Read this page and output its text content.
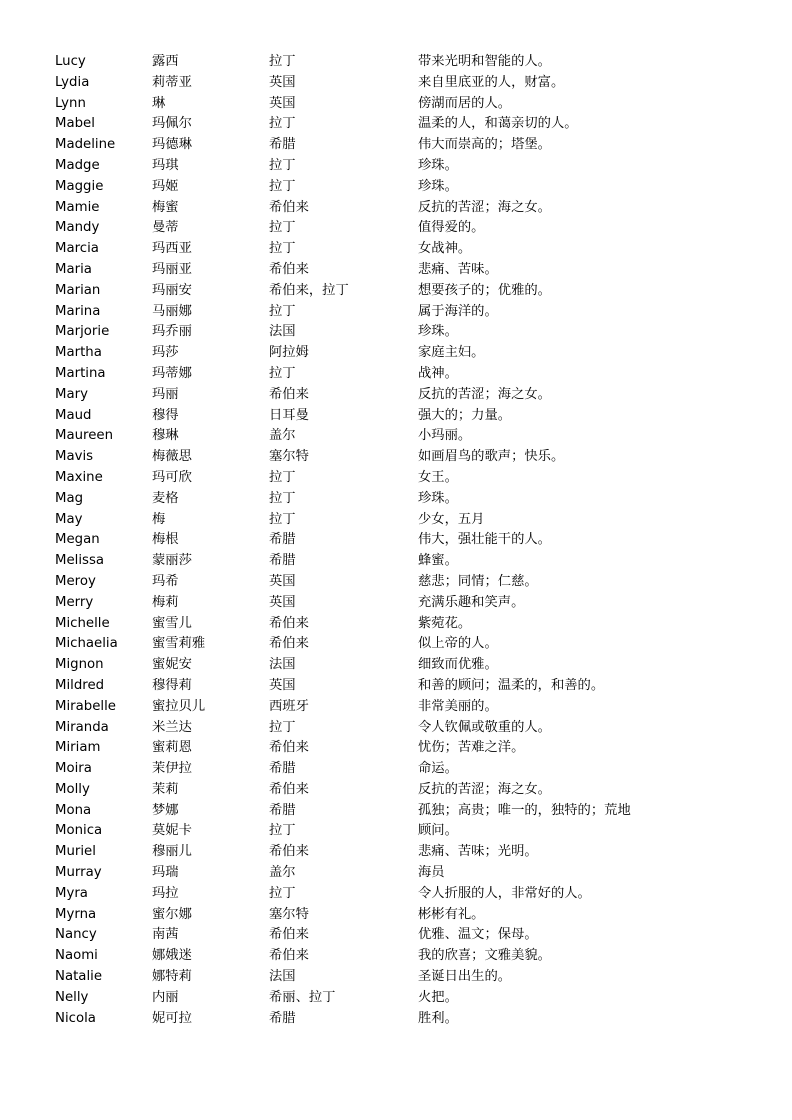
Lucy	露西	拉丁	带来光明和智能的人。
Lydia	莉蒂亚	英国	来自里底亚的人，财富。
Lynn	琳	英国	傍湖而居的人。
Mabel	玛佩尔	拉丁	温柔的人，和蔼亲切的人。
Madeline	玛德琳	希腊	伟大而崇高的；塔堡。
Madge	玛琪	拉丁	珍珠。
Maggie	玛姬	拉丁	珍珠。
Mamie	梅蜜	希伯来	反抗的苦涩；海之女。
Mandy	曼蒂	拉丁	值得爱的。
Marcia	玛西亚	拉丁	女战神。
Maria	玛丽亚	希伯来	悲痛、苦味。
Marian	玛丽安	希伯来，拉丁	想要孩子的；优雅的。
Marina	马丽娜	拉丁	属于海洋的。
Marjorie	玛乔丽	法国	珍珠。
Martha	玛莎	阿拉姆	家庭主妇。
Martina	玛蒂娜	拉丁	战神。
Mary	玛丽	希伯来	反抗的苦涩；海之女。
Maud	穆得	日耳曼	强大的；力量。
Maureen	穆琳	盖尔	小玛丽。
Mavis	梅薇思	塞尔特	如画眉鸟的歌声；快乐。
Maxine	玛可欣	拉丁	女王。
Mag	麦格	拉丁	珍珠。
May	梅	拉丁	少女，五月
Megan	梅根	希腊	伟大，强壮能干的人。
Melissa	蒙丽莎	希腊	蜂蜜。
Meroy	玛希	英国	慈悲；同情；仁慈。
Merry	梅莉	英国	充满乐趣和笑声。
Michelle	蜜雪儿	希伯来	紫菀花。
Michaelia	蜜雪莉雅	希伯来	似上帝的人。
Mignon	蜜妮安	法国	细致而优雅。
Mildred	穆得莉	英国	和善的顾问；温柔的，和善的。
Mirabelle	蜜拉贝儿	西班牙	非常美丽的。
Miranda	米兰达	拉丁	令人钦佩或敬重的人。
Miriam	蜜莉恩	希伯来	忧伤；苦难之洋。
Moira	茉伊拉	希腊	命运。
Molly	茉莉	希伯来	反抗的苦涩；海之女。
Mona	梦娜	希腊	孤独；高贵；唯一的，独特的；荒地
Monica	莫妮卡	拉丁	顾问。
Muriel	穆丽儿	希伯来	悲痛、苦味；光明。
Murray	玛瑞	盖尔	海员
Myra	玛拉	拉丁	令人折服的人，非常好的人。
Myrna	蜜尔娜	塞尔特	彬彬有礼。
Nancy	南茜	希伯来	优雅、温文；保母。
Naomi	娜娥迷	希伯来	我的欣喜；文雅美貌。
Natalie	娜特莉	法国	圣诞日出生的。
Nelly	内丽	希丽、拉丁	火把。
Nicola	妮可拉	希腊	胜利。
